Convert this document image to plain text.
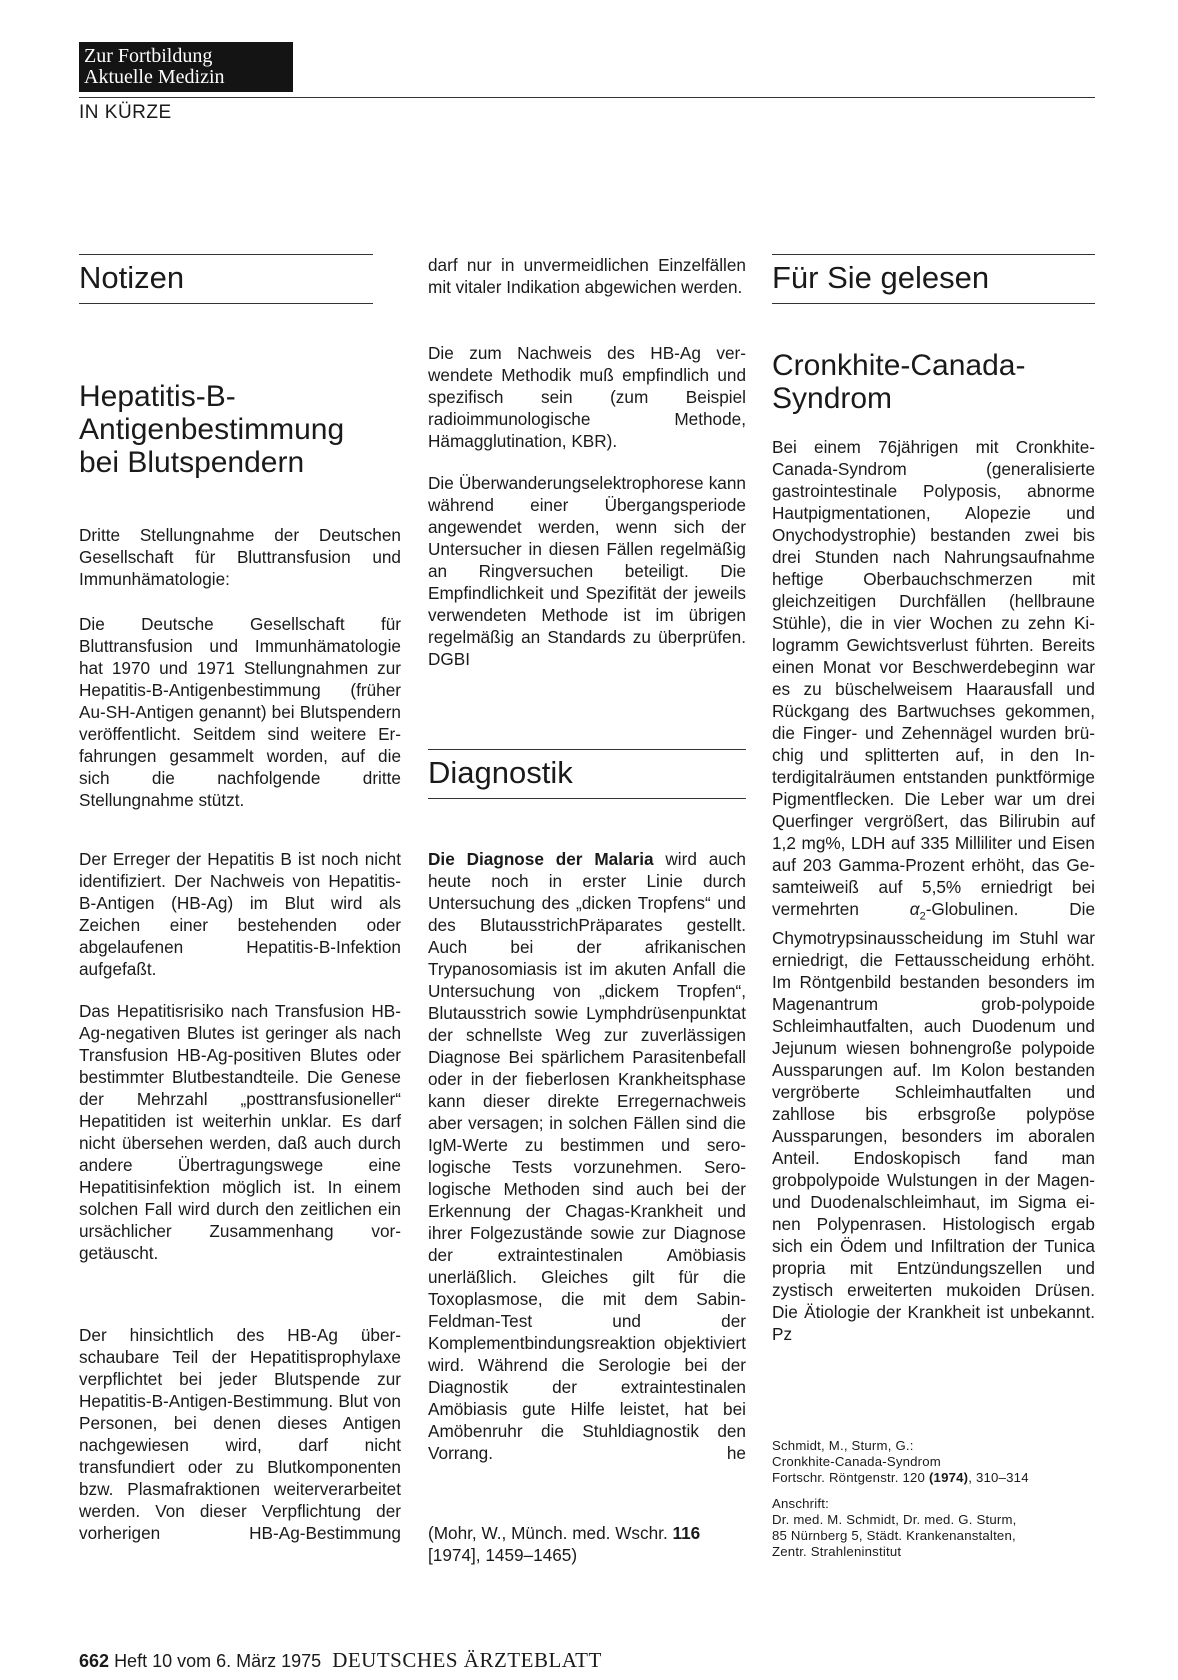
Zur Fortbildung
Aktuelle Medizin
IN KÜRZE
Notizen
Hepatitis-B-
Antigenbestimmung
bei Blutspendern
Dritte Stellungnahme der Deutschen Gesellschaft für Bluttransfusion und Immunhämatologie:
Die Deutsche Gesellschaft für Bluttransfusion und Immunhämatologie hat 1970 und 1971 Stellungnahmen zur Hepatitis-B-Antigenbestimmung (früher Au-SH-Antigen genannt) bei Blutspendern veröffentlicht. Seitdem sind weitere Erfahrungen gesammelt worden, auf die sich die nachfolgende dritte Stellungnahme stützt.
Der Erreger der Hepatitis B ist noch nicht identifiziert. Der Nachweis von Hepatitis-B-Antigen (HB-Ag) im Blut wird als Zeichen einer bestehenden oder abgelaufenen Hepatitis-B-Infektion aufgefaßt.
Das Hepatitisrisiko nach Transfusion HB-Ag-negativen Blutes ist geringer als nach Transfusion HB-Ag-positiven Blutes oder bestimmter Blutbestandteile. Die Genese der Mehrzahl „posttransfusioneller“ Hepatitiden ist weiterhin unklar. Es darf nicht übersehen werden, daß auch durch andere Übertragungswege eine Hepatitisinfektion möglich ist. In einem solchen Fall wird durch den zeitlichen ein ursächlicher Zusammenhang vorgetäuscht.
Der hinsichtlich des HB-Ag überschaubare Teil der Hepatitisprophylaxe verpflichtet bei jeder Blutspende zur Hepatitis-B-Antigen-Bestimmung. Blut von Personen, bei denen dieses Antigen nachgewiesen wird, darf nicht transfundiert oder zu Blutkomponenten bzw. Plasmafraktionen weiterverarbeitet werden. Von dieser Verpflichtung der vorherigen HB-Ag-Bestimmung
darf nur in unvermeidlichen Einzelfällen mit vitaler Indikation abgewichen werden.
Die zum Nachweis des HB-Ag verwendete Methodik muß empfindlich und spezifisch sein (zum Beispiel radioimmunologische Methode, Hämagglutination, KBR).
Die Überwanderungselektrophorese kann während einer Übergangsperiode angewendet werden, wenn sich der Untersucher in diesen Fällen regelmäßig an Ringversuchen beteiligt. Die Empfindlichkeit und Spezifität der jeweils verwendeten Methode ist im übrigen regelmäßig an Standards zu überprüfen. DGBI
Diagnostik
Die Diagnose der Malaria wird auch heute noch in erster Linie durch Untersuchung des „dicken Tropfens“ und des BlutausstrichPräparates gestellt. Auch bei der afrikanischen Trypanosomiasis ist im akuten Anfall die Untersuchung von „dickem Tropfen“, Blutausstrich sowie Lymphdrüsenpunktat der schnellste Weg zur zuverlässigen Diagnose Bei spärlichem Parasitenbefall oder in der fieberlosen Krankheitsphase kann dieser direkte Erregernachweis aber versagen; in solchen Fällen sind die IgM-Werte zu bestimmen und serologische Tests vorzunehmen. Serologische Methoden sind auch bei der Erkennung der Chagas-Krankheit und ihrer Folgezustände sowie zur Diagnose der extraintestinalen Amöbiasis unerläßlich. Gleiches gilt für die Toxoplasmose, die mit dem Sabin-Feldman-Test und der Komplementbindungsreaktion objektiviert wird. Während die Serologie bei der Diagnostik der extraintestinalen Amöbiasis gute Hilfe leistet, hat bei Amöbenruhr die Stuhldiagnostik den Vorrang.	he
(Mohr, W., Münch. med. Wschr. 116 [1974], 1459–1465)
Für Sie gelesen
Cronkhite-Canada-
Syndrom
Bei einem 76jährigen mit Cronkhite-Canada-Syndrom (generalisierte gastrointestinale Polyposis, abnorme Hautpigmentationen, Alopezie und Onychodystrophie) bestanden zwei bis drei Stunden nach Nahrungsaufnahme heftige Oberbauchschmerzen mit gleichzeitigen Durchfällen (hellbraune Stühle), die in vier Wochen zu zehn Kilogramm Gewichtsverlust führten. Bereits einen Monat vor Beschwerdebeginn war es zu büschelweisem Haarausfall und Rückgang des Bartwuchses gekommen, die Finger- und Zehennägel wurden brüchig und splitterten auf, in den Interdigitalräumen entstanden punktförmige Pigmentflecken. Die Leber war um drei Querfinger vergrößert, das Bilirubin auf 1,2 mg%, LDH auf 335 Milliliter und Eisen auf 203 Gamma-Prozent erhöht, das Gesamteiweiß auf 5,5% erniedrigt bei vermehrten $\alpha_2$-Globulinen. Die Chymotrypsinausscheidung im Stuhl war erniedrigt, die Fettausscheidung erhöht. Im Röntgenbild bestanden besonders im Magenantrum grob-polypoide Schleimhautfalten, auch Duodenum und Jejunum wiesen bohnengroße polypoide Aussparungen auf. Im Kolon bestanden vergröberte Schleimhautfalten und zahllose bis erbsgroße polypöse Aussparungen, besonders im aboralen Anteil. Endoskopisch fand man grobpolypoide Wulstungen in der Magen- und Duodenalschleimhaut, im Sigma einen Polypenrasen. Histologisch ergab sich ein Ödem und Infiltration der Tunica propria mit Entzündungszellen und zystisch erweiterten mukoiden Drüsen. Die Ätiologie der Krankheit ist unbekannt. Pz
Schmidt, M., Sturm, G.:
Cronkhite-Canada-Syndrom
Fortschr. Röntgenstr. 120 (1974), 310–314
Anschrift:
Dr. med. M. Schmidt, Dr. med. G. Sturm,
85 Nürnberg 5, Städt. Krankenanstalten,
Zentr. Strahleninstitut
662 Heft 10 vom 6. März 1975 DEUTSCHES ÄRZTEBLATT
